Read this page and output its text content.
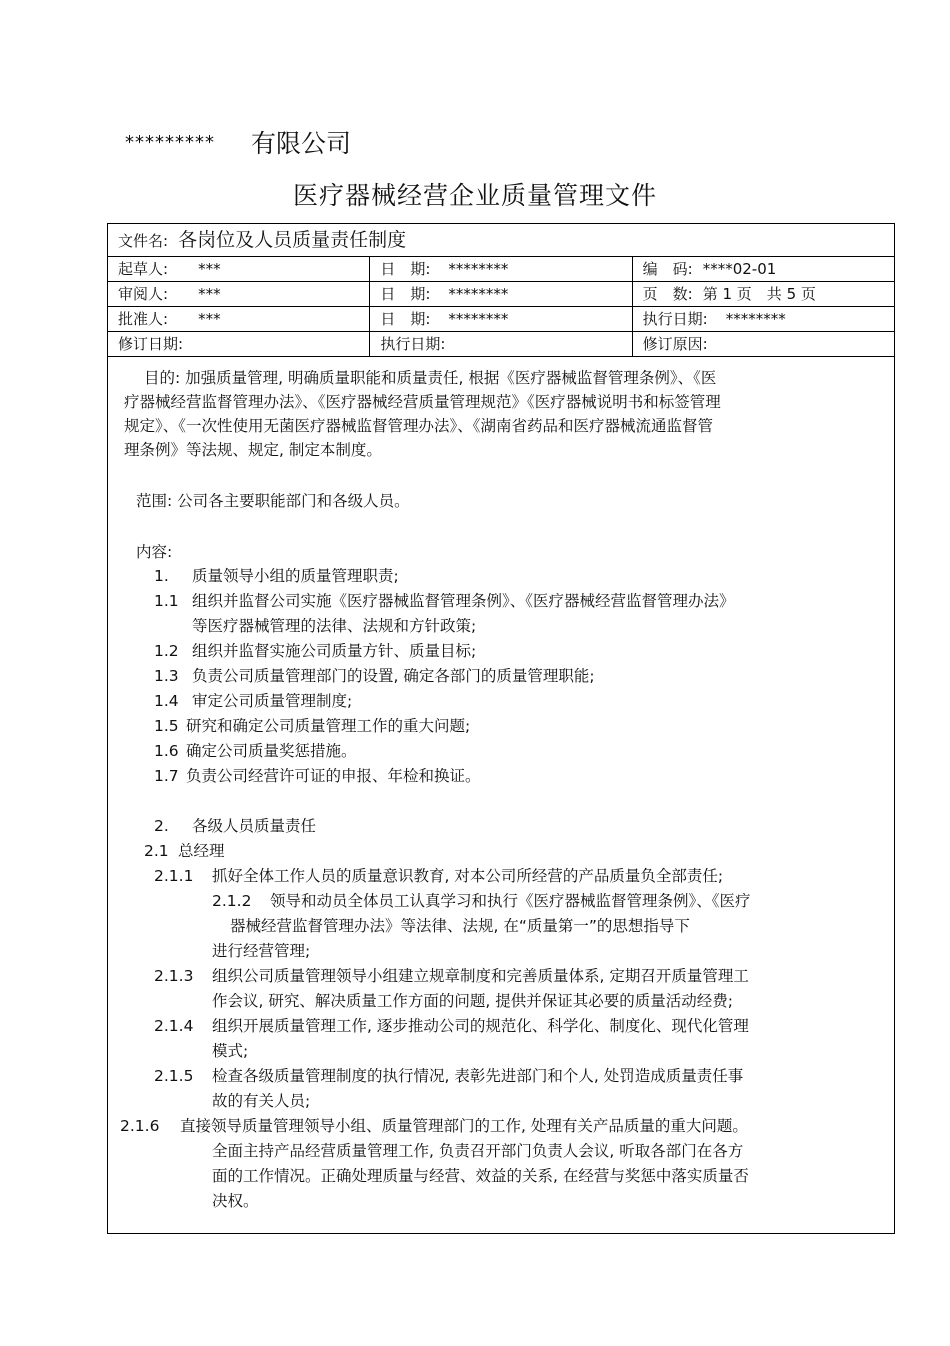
********* 有限公司
医疗器械经营企业质量管理文件
文件名: 各岗位及人员质量责任制度		
起草人: ***	日　期: ********	编　码: ****02-01
审阅人: ***	日　期: ********	页　数: 第 1 页　共 5 页
批准人: ***	日　期: ********	执行日期: ********
修订日期:	执行日期:	修订原因:
目的: 加强质量管理, 明确质量职能和质量责任, 根据《医疗器械监督管理条例》、《医
疗器械经营监督管理办法》、《医疗器械经营质量管理规范》《医疗器械说明书和标签管理
规定》、《一次性使用无菌医疗器械监督管理办法》、《湖南省药品和医疗器械流通监督管
理条例》等法规、规定, 制定本制度。
范围: 公司各主要职能部门和各级人员。
内容:
1. 质量领导小组的质量管理职责;
1.1 组织并监督公司实施《医疗器械监督管理条例》、《医疗器械经营监督管理办法》
等医疗器械管理的法律、法规和方针政策;
1.2 组织并监督实施公司质量方针、质量目标;
1.3 负责公司质量管理部门的设置, 确定各部门的质量管理职能;
1.4 审定公司质量管理制度;
1.5 研究和确定公司质量管理工作的重大问题;
1.6 确定公司质量奖惩措施。
1.7 负责公司经营许可证的申报、年检和换证。
2. 各级人员质量责任
2.1 总经理
2.1.1 抓好全体工作人员的质量意识教育, 对本公司所经营的产品质量负全部责任;
2.1.2 领导和动员全体员工认真学习和执行《医疗器械监督管理条例》、《医疗
器械经营监督管理办法》等法律、法规, 在“质量第一”的思想指导下
进行经营管理;
2.1.3 组织公司质量管理领导小组建立规章制度和完善质量体系, 定期召开质量管理工
作会议, 研究、解决质量工作方面的问题, 提供并保证其必要的质量活动经费;
2.1.4 组织开展质量管理工作, 逐步推动公司的规范化、科学化、制度化、现代化管理
模式;
2.1.5 检查各级质量管理制度的执行情况, 表彰先进部门和个人, 处罚造成质量责任事
故的有关人员;
2.1.6 直接领导质量管理领导小组、质量管理部门的工作, 处理有关产品质量的重大问题。
全面主持产品经营质量管理工作, 负责召开部门负责人会议, 听取各部门在各方
面的工作情况。正确处理质量与经营、效益的关系, 在经营与奖惩中落实质量否
决权。
